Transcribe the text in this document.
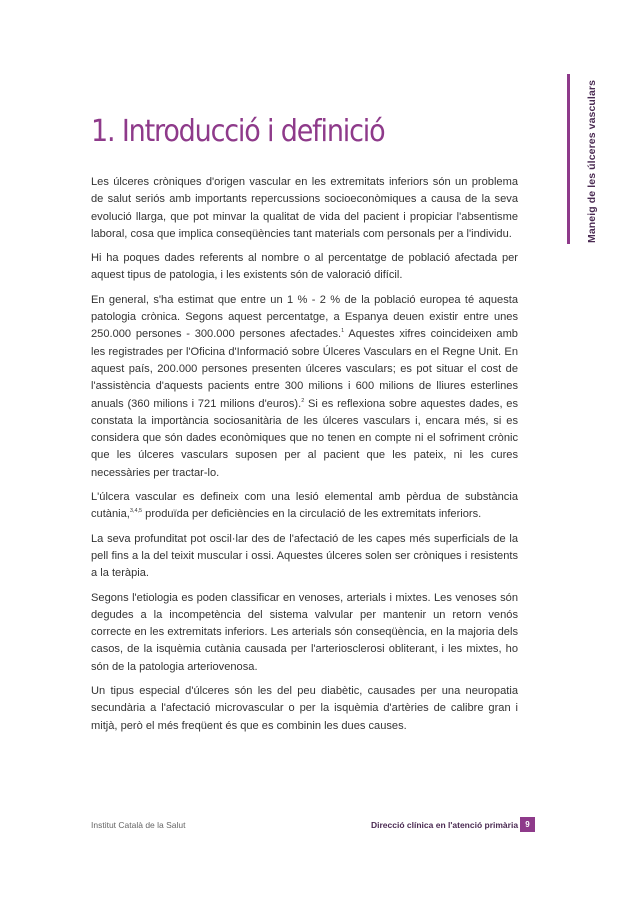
Maneig de les úlceres vasculars
1. Introducció i definició

Les úlceres cròniques d'origen vascular en les extremitats inferiors són un problema de salut seriós amb importants repercussions socioeconòmiques a causa de la seva evolució llarga, que pot minvar la qualitat de vida del pacient i propiciar l'absentisme laboral, cosa que implica conseqüències tant materials com personals per a l'individu.

Hi ha poques dades referents al nombre o al percentatge de població afectada per aquest tipus de patologia, i les existents són de valoració difícil.

En general, s'ha estimat que entre un 1 % - 2 % de la població europea té aquesta patologia crònica. Segons aquest percentatge, a Espanya deuen existir entre unes 250.000 persones - 300.000 persones afectades.$^1$ Aquestes xifres coincideixen amb les registrades per l'Oficina d'Informació sobre Úlceres Vasculars en el Regne Unit. En aquest país, 200.000 persones presenten úlceres vasculars; es pot situar el cost de l'assistència d'aquests pacients entre 300 milions i 600 milions de lliures esterlines anuals (360 milions i 721 milions d'euros).$^2$ Si es reflexiona sobre aquestes dades, es constata la importància sociosanitària de les úlceres vasculars i, encara més, si es considera que són dades econòmiques que no tenen en compte ni el sofriment crònic que les úlceres vasculars suposen per al pacient que les pateix, ni les cures necessàries per tractar-lo.

L'úlcera vascular es defineix com una lesió elemental amb pèrdua de substància cutània,$^{3,4,5}$ produïda per deficiències en la circulació de les extremitats inferiors.

La seva profunditat pot oscil·lar des de l'afectació de les capes més superficials de la pell fins a la del teixit muscular i ossi. Aquestes úlceres solen ser cròniques i resistents a la teràpia.

Segons l'etiologia es poden classificar en venoses, arterials i mixtes. Les venoses són degudes a la incompetència del sistema valvular per mantenir un retorn venós correcte en les extremitats inferiors. Les arterials són conseqüència, en la majoria dels casos, de la isquèmia cutània causada per l'arteriosclerosi obliterant, i les mixtes, ho són de la patologia arteriovenosa.

Un tipus especial d'úlceres són les del peu diabètic, causades per una neuropatia secundària a l'afectació microvascular o per la isquèmia d'artèries de calibre gran i mitjà, però el més freqüent és que es combinin les dues causes.

Institut Català de la Salut	Direcció clínica en l'atenció primària 9
